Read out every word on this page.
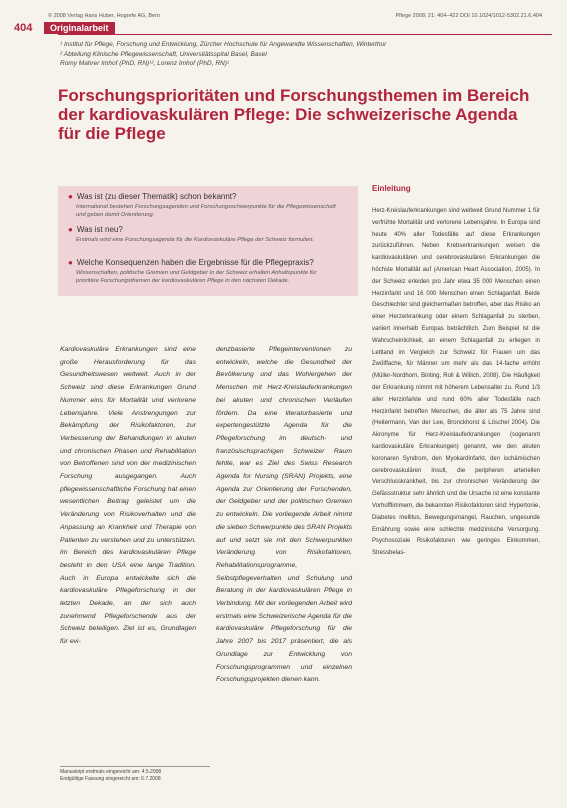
© 2008 Verlag Hans Huber, Hogrefe AG, Bern	Pflege 2008; 21: 404–422 DOI 10.1024/1012-5302.21.6.404
404	Originalarbeit
¹ Institut für Pflege, Forschung und Entwicklung, Zürcher Hochschule für Angewandte Wissenschaften, Winterthur
² Abteilung Klinische Pflegewissenschaft, Universitätsspital Basel, Basel
Romy Mahrer Imhof (PhD, RN)¹², Lorenz Imhof (PhD, RN)¹
Forschungsprioritäten und Forschungsthemen im Bereich der kardiovaskulären Pflege: Die schweizerische Agenda für die Pflege
● Was ist (zu dieser Thematik) schon bekannt?
International bestehen Forschungsagenden und Forschungsschwerpunkte für die Pflegewissenschaft und geben damit Orientierung.
● Was ist neu?
Erstmals wird eine Forschungsagenda für die Kardiovaskuläre Pflege der Schweiz formuliert.
● Welche Konsequenzen haben die Ergebnisse für die Pflegepraxis?
Wissenschaften, politische Gremien und Geldgeber in der Schweiz erhalten Anhaltspunkte für prioritäre Forschungsthemen der kardiovaskulären Pflege in den nächsten Dekade.
Kardiovaskuläre Erkrankungen sind eine große Herausforderung für das Gesundheitswesen weltweit. Auch in der Schweiz sind diese Erkrankungen Grund Nummer eins für Mortalität und verlorene Lebensjahre. Viele Anstrengungen zur Bekämpfung der Risikofaktoren, zur Verbesserung der Behandlungen in akuten und chronischen Phasen und Rehabilitation von Betroffenen sind von der medizinischen Forschung ausgegangen. Auch pflegewissenschaftliche Forschung hat einen wesentlichen Beitrag geleistet um die Veränderung von Risikoverhalten und die Anpassung an Krankheit und Therapie von Patienten zu verstehen und zu unterstützen. Im Bereich des kardiovaskulären Pflege besteht in den USA eine lange Tradition. Auch in Europa entwickelte sich die kardiovaskuläre Pflegeforschung in der letzten Dekade, an der sich auch zunehmend Pflegeforschende aus der Schweiz beteiligen. Ziel ist es, Grundlagen für evi-
denzbasierte Pflegeinterventionen zu entwickeln, welche die Gesundheit der Bevölkerung und das Wohlergehen der Menschen mit Herz-Kreislauferkrankungen bei akuten und chronischen Verläufen fördern. Da eine literaturbasierte und expertengestützte Agenda für die Pflegeforschung im deutsch- und französischsprachigen Schweizer Raum fehlte, war es Ziel des Swiss Research Agenda for Nursing (SRAN) Projekts, eine Agenda zur Orientierung der Forschenden, der Geldgeber und der politischen Gremien zu entwickeln. Die vorliegende Arbeit nimmt die sieben Schwerpunkte des SRAN Projekts auf und setzt sie mit den Schwerpunkten Veränderung von Risikofaktoren, Rehabilitationsprogramme, Selbstpflegeverhalten und Schulung und Beratung in der kardiovaskulären Pflege in Verbindung. Mit der vorliegenden Arbeit wird erstmals eine Schweizerische Agenda für die kardiovaskuläre Pflegeforschung für die Jahre 2007 bis 2017 präsentiert, die als Grundlage zur Entwicklung von Forschungsprogrammen und einzelnen Forschungsprojekten dienen kann.
Einleitung
Herz-Kreislauferkrankungen sind weltweit Grund Nummer 1 für verfrühte Mortalität und verlorene Lebensjahre. In Europa sind heute 40% aller Todesfälle auf diese Erkrankungen zurückzuführen. Neben Krebserkrankungen weisen die kardiovaskulären und cerebrovaskulären Erkrankungen die höchste Mortalität auf (American Heart Association, 2005). In der Schweiz erleiden pro Jahr etwa 35 000 Menschen einen Herzinfarkt und 16 000 Menschen einen Schlaganfall. Beide Geschlechter sind gleichermaßen betroffen, aber das Risiko an einer Herzerkrankung oder einem Schlaganfall zu sterben, variiert innerhalb Europas beträchtlich. Zum Beispiel ist die Wahrscheinlichkeit, an einem Schlaganfall zu erliegen in Lettland im Vergleich zur Schweiz für Frauen um das Zwölffache, für Männer um mehr als das 14-fache erhöht (Müller-Nordhorn, Binting, Roll & Willich, 2008). Die Häufigkeit der Erkrankung nimmt mit höherem Lebensalter zu. Rund 1/3 aller Herzinfarkte und rund 60% aller Todesfälle nach Herzinfarkt betreffen Menschen, die älter als 75 Jahre sind (Heitermann, Van der Lee, Bronckhorst & Löschel 2004). Die Akronyme für Herz-Kreislauferkrankungen (sogenannt kardiovaskuläre Erkrankungen) genannt, wie den akuten koronaren Syndrom, den Myokardinfarkt, den ischämischen cerebrovaskulären Insult, die peripheren arteriellen Verschlusskrankheit, bis zur chronischen Veränderung der Gefässstruktur sehr ähnlich und die Ursache ist eine konstante Vorhofflimmern, die bekannten Risikofaktoren sind: Hypertonie, Diabetes mellitus, Bewegungsmangel, Rauchen, ungesunde Ernährung sowie eine schlechte medizinische Versorgung. Psychosoziale Risikofaktoren wie geringes Einkommen, Stressbelas-
Manuskript erstmals eingereicht am: 4.5.2008
Endgültige Fassung eingereicht am: 6.7.2008
